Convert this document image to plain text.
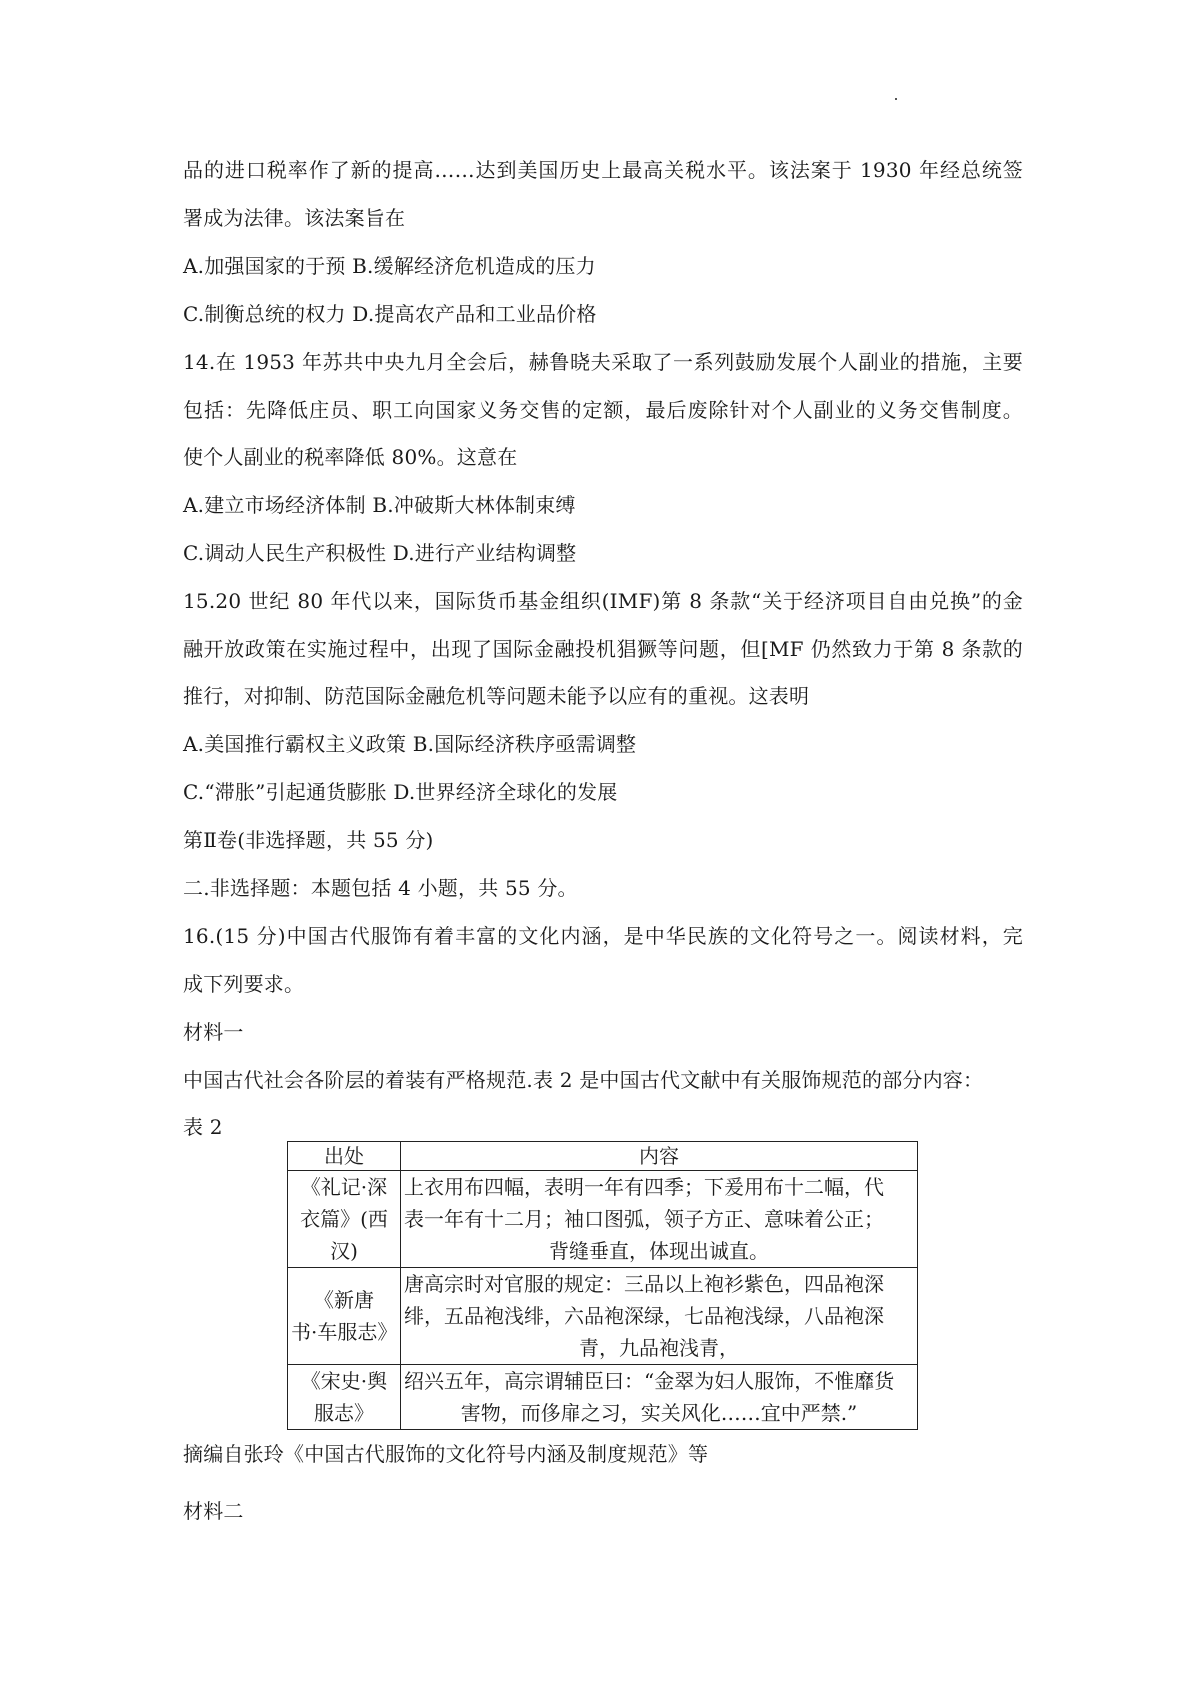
品的进口税率作了新的提高……达到美国历史上最高关税水平。该法案于 1930 年经总统签
署成为法律。该法案旨在
A.加强国家的于预 B.缓解经济危机造成的压力
C.制衡总统的权力 D.提高农产品和工业品价格
14.在 1953 年苏共中央九月全会后，赫鲁晓夫采取了一系列鼓励发展个人副业的措施，主要
包括：先降低庄员、职工向国家义务交售的定额，最后废除针对个人副业的义务交售制度。
使个人副业的税率降低 80%。这意在
A.建立市场经济体制 B.冲破斯大林体制束缚
C.调动人民生产积极性 D.进行产业结构调整
15.20 世纪 80 年代以来，国际货币基金组织(IMF)第 8 条款“关于经济项目自由兑换”的金
融开放政策在实施过程中，出现了国际金融投机猖獗等问题，但[MF 仍然致力于第 8 条款的
推行，对抑制、防范国际金融危机等问题未能予以应有的重视。这表明
A.美国推行霸权主义政策 B.国际经济秩序亟需调整
C.“滞胀”引起通货膨胀 D.世界经济全球化的发展
第Ⅱ卷(非选择题，共 55 分)
二.非选择题：本题包括 4 小题，共 55 分。
16.(15 分)中国古代服饰有着丰富的文化内涵，是中华民族的文化符号之一。阅读材料，完
成下列要求。
材料一
中国古代社会各阶层的着装有严格规范.表 2 是中国古代文献中有关服饰规范的部分内容：
表 2
出处	内容
《礼记·深
衣篇》(西
汉)	上衣用布四幅，表明一年有四季；下爰用布十二幅，代
表一年有十二月；袖口图弧，领子方正、意味着公正；
背缝垂直，体现出诚直。

《新唐
书·车服志》	唐高宗时对官服的规定：三品以上袍衫紫色，四品袍深
绯，五品袍浅绯，六品袍深绿，七品袍浅绿，八品袍深
青，九品袍浅青，

《宋史·舆
服志》	绍兴五年，高宗谓辅臣曰：“金翠为妇人服饰，不惟靡货
害物，而侈扉之习，实关风化……宜中严禁.”
摘编自张玲《中国古代服饰的文化符号内涵及制度规范》等
材料二
